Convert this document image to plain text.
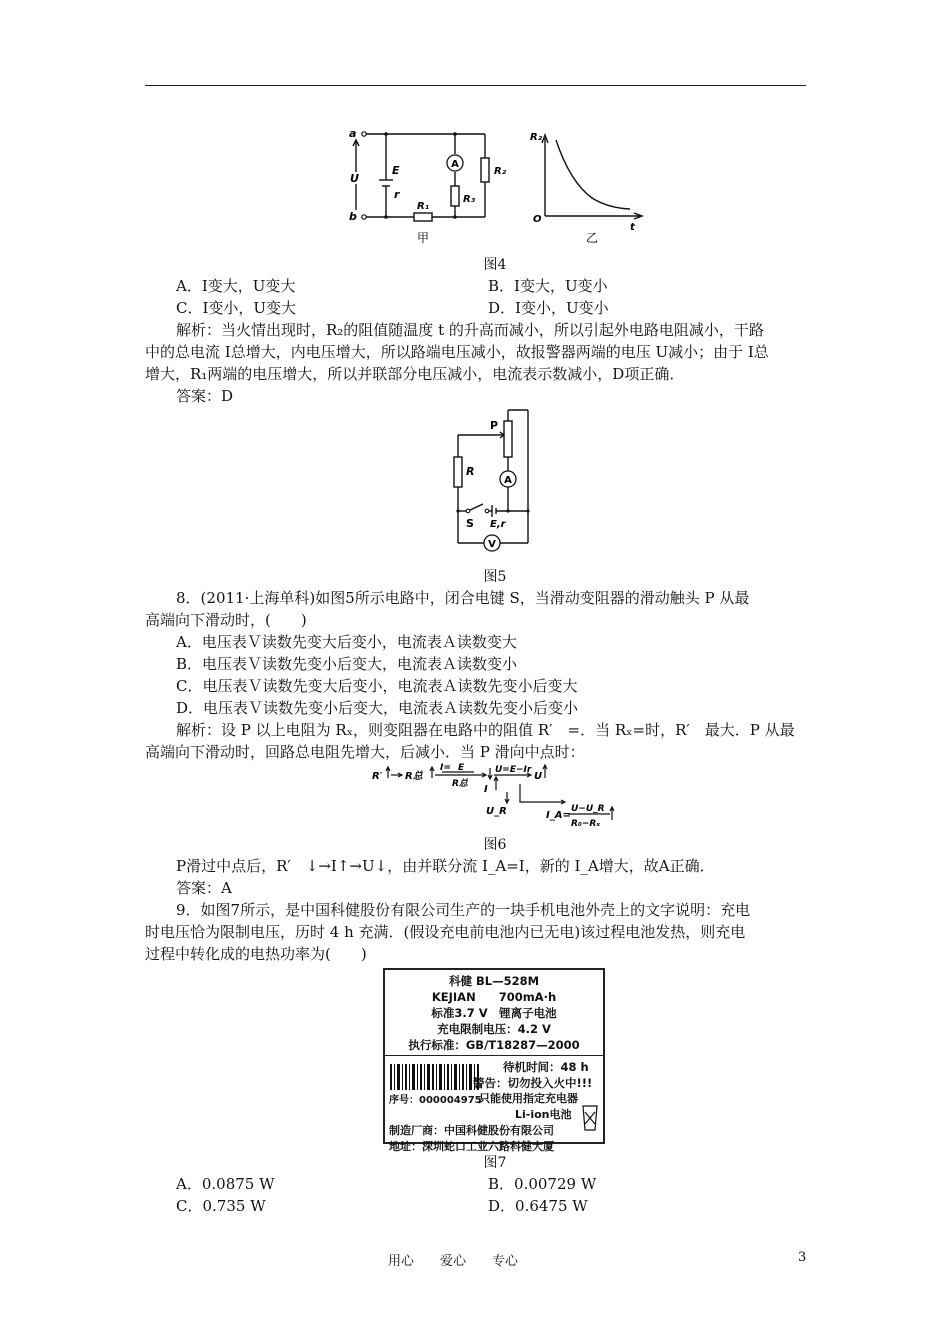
A
a
b
U
E
r
R₂
R₃
R₁
甲
R₂
O
t
乙
图4
A．I变大，U变大	B．I变大，U变小
C．I变小，U变大	D．I变小，U变小
解析：当火情出现时，R₂的阻值随温度 t 的升高而减小，所以引起外电路电阻减小，干路
中的总电流 I总增大，内电压增大，所以路端电压减小，故报警器两端的电压 U减小；由于 I总
增大，R₁两端的电压增大，所以并联部分电压减小，电流表示数减小，D项正确．
答案：D
P
R
A
S E,r
V
图5
8．(2011·上海单科)如图5所示电路中，闭合电键 S，当滑动变阻器的滑动触头 P 从最
高端向下滑动时，(　　)
A．电压表Ｖ读数先变大后变小，电流表Ａ读数变大
B．电压表Ｖ读数先变小后变大，电流表Ａ读数变小
C．电压表Ｖ读数先变大后变小，电流表Ａ读数先变小后变大
D．电压表Ｖ读数先变小后变大，电流表Ａ读数先变小后变小
解析：设 P 以上电阻为 Rₓ，则变阻器在电路中的阻值 R′　=．当 Rₓ=时，R′　最大．P 从最
高端向下滑动时，回路总电阻先增大，后减小．当 P 滑向中点时：
R′ R总
I= E
R总 I
U=E−Ir
U
U_R	I_A=
U−U_R
R₀−Rₓ
图6
P滑过中点后，R′　↓→I↑→U↓，由并联分流 I_A=I，新的 I_A增大，故A正确．
答案：A
9．如图7所示，是中国科健股份有限公司生产的一块手机电池外壳上的文字说明：充电
时电压恰为限制电压，历时 4 h 充满．(假设充电前电池内已无电)该过程电池发热，则充电
过程中转化成的电热功率为(　　)
科健 BL—528M
KEJIAN　　700mA·h
标准3.7 V　锂离子电池
充电限制电压：4.2 V
执行标准：GB/T18287—2000
待机时间：48 h
警告：切勿投入火中!!!
序号：000004975
只能使用指定充电器
Li-ion电池
制造厂商：中国科健股份有限公司
地址：深圳蛇口工业六路科健大厦
图7
A．0.0875 W	B．0.00729 W
C．0.735 W	D．0.6475 W
用心　　爱心　　专心	3
